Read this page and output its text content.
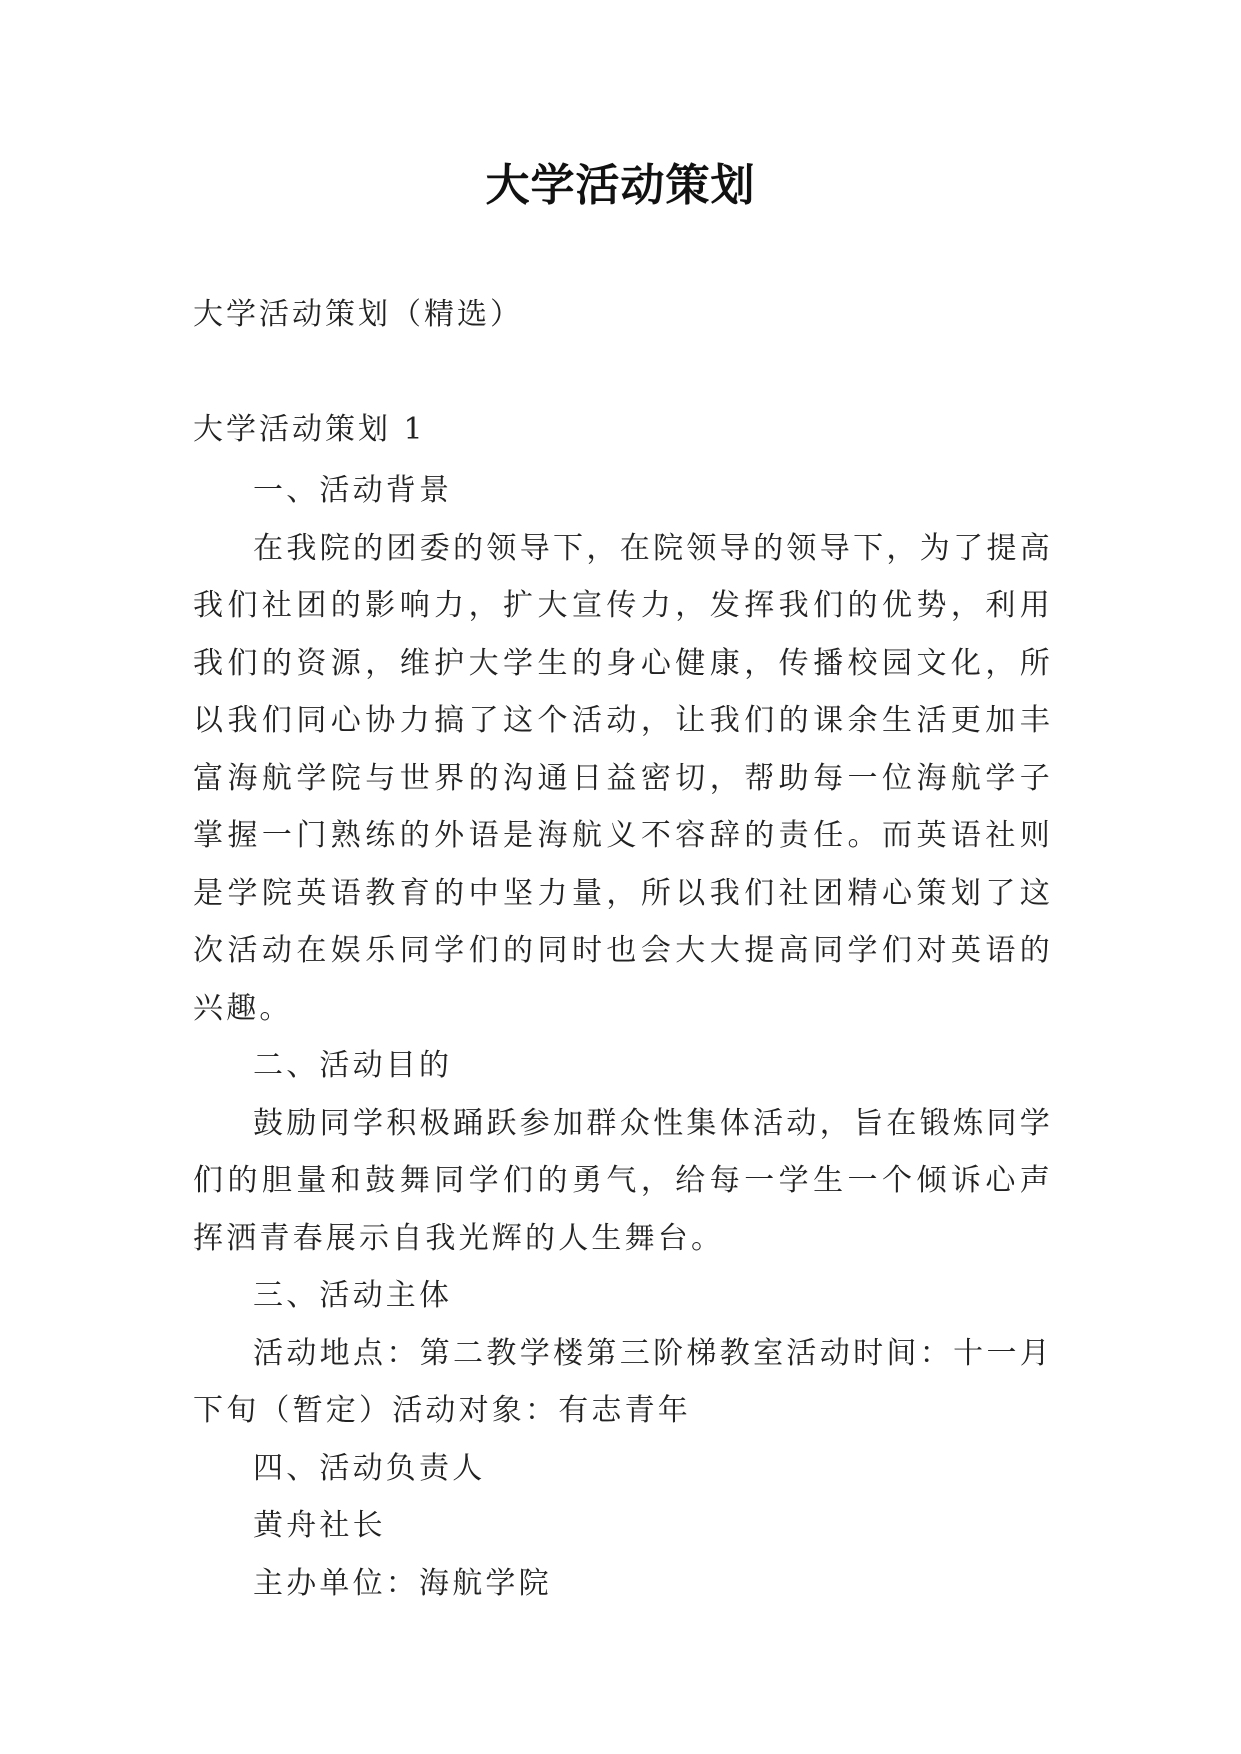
大学活动策划
大学活动策划（精选）
大学活动策划 1

一、活动背景

在我院的团委的领导下，在院领导的领导下，为了提高我们社团的影响力，扩大宣传力，发挥我们的优势，利用我们的资源，维护大学生的身心健康，传播校园文化，所以我们同心协力搞了这个活动，让我们的课余生活更加丰富海航学院与世界的沟通日益密切，帮助每一位海航学子掌握一门熟练的外语是海航义不容辞的责任。而英语社则是学院英语教育的中坚力量，所以我们社团精心策划了这次活动在娱乐同学们的同时也会大大提高同学们对英语的兴趣。

二、活动目的

鼓励同学积极踊跃参加群众性集体活动，旨在锻炼同学们的胆量和鼓舞同学们的勇气，给每一学生一个倾诉心声挥洒青春展示自我光辉的人生舞台。

三、活动主体

活动地点：第二教学楼第三阶梯教室活动时间：十一月下旬（暂定）活动对象：有志青年

四、活动负责人

黄舟社长

主办单位：海航学院
